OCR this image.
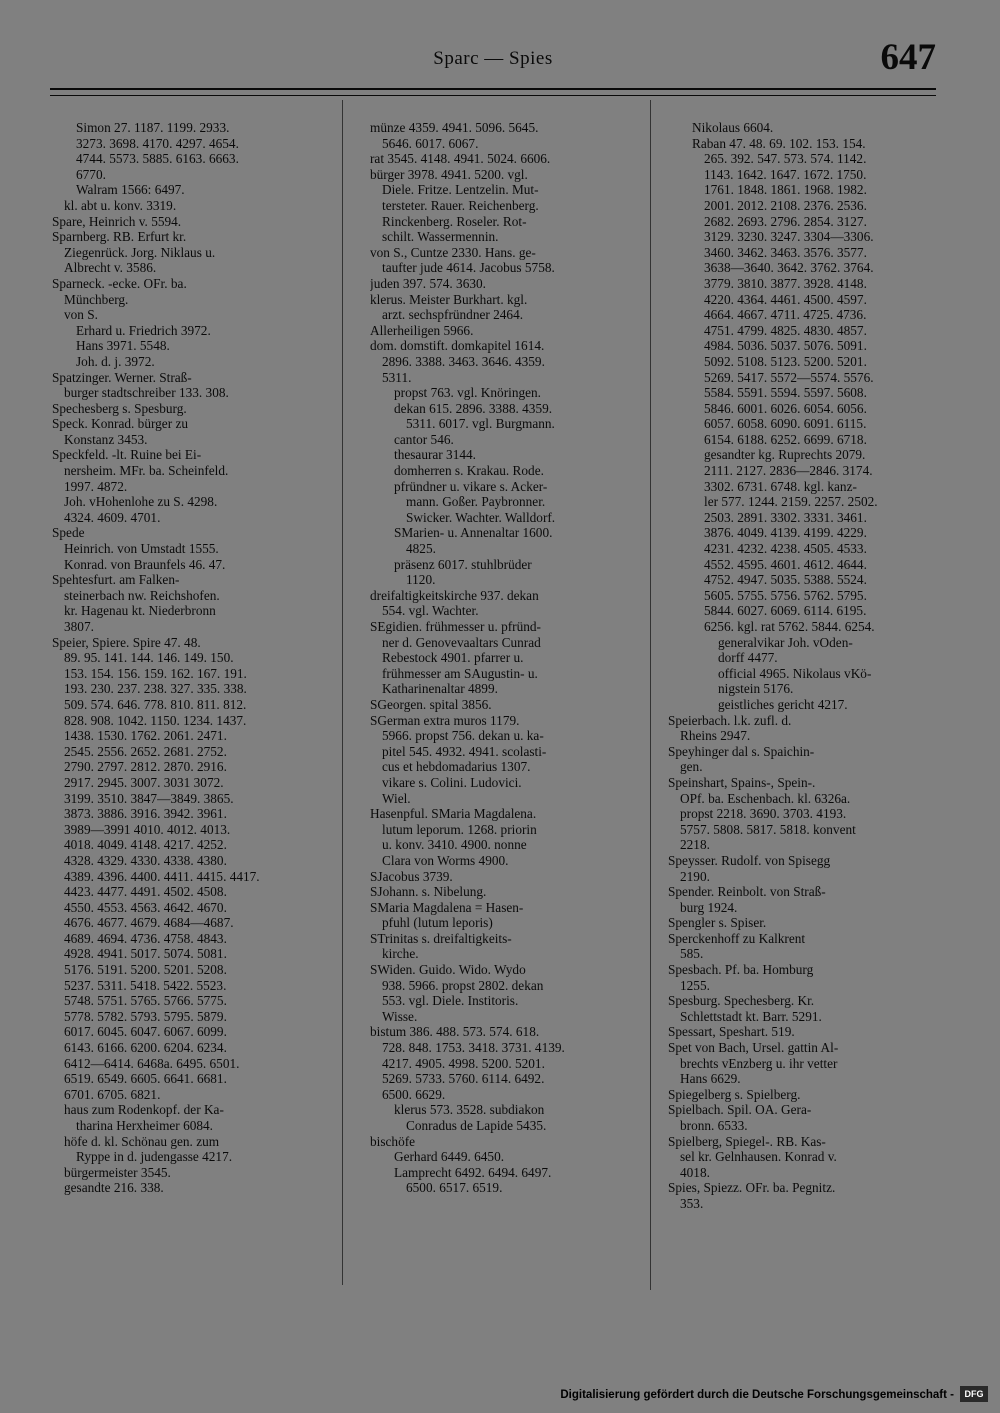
Sparc — Spies	647
Simon 27. 1187. 1199. 2933.
3273. 3698. 4170. 4297. 4654.
4744. 5573. 5885. 6163. 6663.
6770.
Walram 1566: 6497.
kl. abt u. konv. 3319.
Spare, Heinrich v. 5594.
Sparnberg. RB. Erfurt kr.
Ziegenrück. Jorg. Niklaus u.
Albrecht v. 3586.
Sparneck. -ecke. OFr. ba.
Münchberg.
von S.
Erhard u. Friedrich 3972.
Hans 3971. 5548.
Joh. d. j. 3972.
Spatzinger. Werner. Straß-
burger stadtschreiber 133. 308.
Spechesberg s. Spesburg.
Speck. Konrad. bürger zu
Konstanz 3453.
Speckfeld. -lt. Ruine bei Ei-
nersheim. MFr. ba. Scheinfeld.
1997. 4872.
Joh. vHohenlohe zu S. 4298.
4324. 4609. 4701.
Spede
Heinrich. von Umstadt 1555.
Konrad. von Braunfels 46. 47.
Spehtesfurt. am Falken-
steinerbach nw. Reichshofen.
kr. Hagenau kt. Niederbronn
3807.
Speier, Spiere. Spire 47. 48.
89. 95. 141. 144. 146. 149. 150.
153. 154. 156. 159. 162. 167. 191.
193. 230. 237. 238. 327. 335. 338.
509. 574. 646. 778. 810. 811. 812.
828. 908. 1042. 1150. 1234. 1437.
1438. 1530. 1762. 2061. 2471.
2545. 2556. 2652. 2681. 2752.
2790. 2797. 2812. 2870. 2916.
2917. 2945. 3007. 3031 3072.
3199. 3510. 3847—3849. 3865.
3873. 3886. 3916. 3942. 3961.
3989—3991 4010. 4012. 4013.
4018. 4049. 4148. 4217. 4252.
4328. 4329. 4330. 4338. 4380.
4389. 4396. 4400. 4411. 4415. 4417.
4423. 4477. 4491. 4502. 4508.
4550. 4553. 4563. 4642. 4670.
4676. 4677. 4679. 4684—4687.
4689. 4694. 4736. 4758. 4843.
4928. 4941. 5017. 5074. 5081.
5176. 5191. 5200. 5201. 5208.
5237. 5311. 5418. 5422. 5523.
5748. 5751. 5765. 5766. 5775.
5778. 5782. 5793. 5795. 5879.
6017. 6045. 6047. 6067. 6099.
6143. 6166. 6200. 6204. 6234.
6412—6414. 6468a. 6495. 6501.
6519. 6549. 6605. 6641. 6681.
6701. 6705. 6821.
haus zum Rodenkopf. der Ka-
tharina Herxheimer 6084.
höfe d. kl. Schönau gen. zum
Ryppe in d. judengasse 4217.
bürgermeister 3545.
gesandte 216. 338.
münze 4359. 4941. 5096. 5645.
5646. 6017. 6067.
rat 3545. 4148. 4941. 5024. 6606.
bürger 3978. 4941. 5200. vgl.
Diele. Fritze. Lentzelin. Mut-
tersteter. Rauer. Reichenberg.
Rinckenberg. Roseler. Rot-
schilt. Wassermennin.
von S., Cuntze 2330. Hans. ge-
taufter jude 4614. Jacobus 5758.
juden 397. 574. 3630.
klerus. Meister Burkhart. kgl.
arzt. sechspfründner 2464.
Allerheiligen 5966.
dom. domstift. domkapitel 1614.
2896. 3388. 3463. 3646. 4359.
5311.
propst 763. vgl. Knöringen.
dekan 615. 2896. 3388. 4359.
5311. 6017. vgl. Burgmann.
cantor 546.
thesaurar 3144.
domherren s. Krakau. Rode.
pfründner u. vikare s. Acker-
mann. Goßer. Paybronner.
Swicker. Wachter. Walldorf.
SMarien- u. Annenaltar 1600.
4825.
präsenz 6017. stuhlbrüder
1120.
dreifaltigkeitskirche 937. dekan
554. vgl. Wachter.
SEgidien. frühmesser u. pfründ-
ner d. Genovevaaltars Cunrad
Rebestock 4901. pfarrer u.
frühmesser am SAugustin- u.
Katharinenaltar 4899.
SGeorgen. spital 3856.
SGerman extra muros 1179.
5966. propst 756. dekan u. ka-
pitel 545. 4932. 4941. scolasti-
cus et hebdomadarius 1307.
vikare s. Colini. Ludovici.
Wiel.
Hasenpful. SMaria Magdalena.
lutum leporum. 1268. priorin
u. konv. 3410. 4900. nonne
Clara von Worms 4900.
SJacobus 3739.
SJohann. s. Nibelung.
SMaria Magdalena = Hasen-
pfuhl (lutum leporis)
STrinitas s. dreifaltigkeits-
kirche.
SWiden. Guido. Wido. Wydo
938. 5966. propst 2802. dekan
553. vgl. Diele. Institoris.
Wisse.
bistum 386. 488. 573. 574. 618.
728. 848. 1753. 3418. 3731. 4139.
4217. 4905. 4998. 5200. 5201.
5269. 5733. 5760. 6114. 6492.
6500. 6629.
klerus 573. 3528. subdiakon
Conradus de Lapide 5435.
bischöfe
Gerhard 6449. 6450.
Lamprecht 6492. 6494. 6497.
6500. 6517. 6519.
Nikolaus 6604.
Raban 47. 48. 69. 102. 153. 154.
265. 392. 547. 573. 574. 1142.
1143. 1642. 1647. 1672. 1750.
1761. 1848. 1861. 1968. 1982.
2001. 2012. 2108. 2376. 2536.
2682. 2693. 2796. 2854. 3127.
3129. 3230. 3247. 3304—3306.
3460. 3462. 3463. 3576. 3577.
3638—3640. 3642. 3762. 3764.
3779. 3810. 3877. 3928. 4148.
4220. 4364. 4461. 4500. 4597.
4664. 4667. 4711. 4725. 4736.
4751. 4799. 4825. 4830. 4857.
4984. 5036. 5037. 5076. 5091.
5092. 5108. 5123. 5200. 5201.
5269. 5417. 5572—5574. 5576.
5584. 5591. 5594. 5597. 5608.
5846. 6001. 6026. 6054. 6056.
6057. 6058. 6090. 6091. 6115.
6154. 6188. 6252. 6699. 6718.
gesandter kg. Ruprechts 2079.
2111. 2127. 2836—2846. 3174.
3302. 6731. 6748. kgl. kanz-
ler 577. 1244. 2159. 2257. 2502.
2503. 2891. 3302. 3331. 3461.
3876. 4049. 4139. 4199. 4229.
4231. 4232. 4238. 4505. 4533.
4552. 4595. 4601. 4612. 4644.
4752. 4947. 5035. 5388. 5524.
5605. 5755. 5756. 5762. 5795.
5844. 6027. 6069. 6114. 6195.
6256. kgl. rat 5762. 5844. 6254.
generalvikar Joh. vOden-
dorff 4477.
official 4965. Nikolaus vKö-
nigstein 5176.
geistliches gericht 4217.
Speierbach. l.k. zufl. d.
Rheins 2947.
Speyhinger dal s. Spaichin-
gen.
Speinshart, Spains-, Spein-.
OPf. ba. Eschenbach. kl. 6326a.
propst 2218. 3690. 3703. 4193.
5757. 5808. 5817. 5818. konvent
2218.
Speysser. Rudolf. von Spisegg
2190.
Spender. Reinbolt. von Straß-
burg 1924.
Spengler s. Spiser.
Sperckenhoff zu Kalkrent
585.
Spesbach. Pf. ba. Homburg
1255.
Spesburg. Spechesberg. Kr.
Schlettstadt kt. Barr. 5291.
Spessart, Speshart. 519.
Spet von Bach, Ursel. gattin Al-
brechts vEnzberg u. ihr vetter
Hans 6629.
Spiegelberg s. Spielberg.
Spielbach. Spil. OA. Gera-
bronn. 6533.
Spielberg, Spiegel-. RB. Kas-
sel kr. Gelnhausen. Konrad v.
4018.
Spies, Spiezz. OFr. ba. Pegnitz.
353.
Digitalisierung gefördert durch die Deutsche Forschungsgemeinschaft -	DFG
